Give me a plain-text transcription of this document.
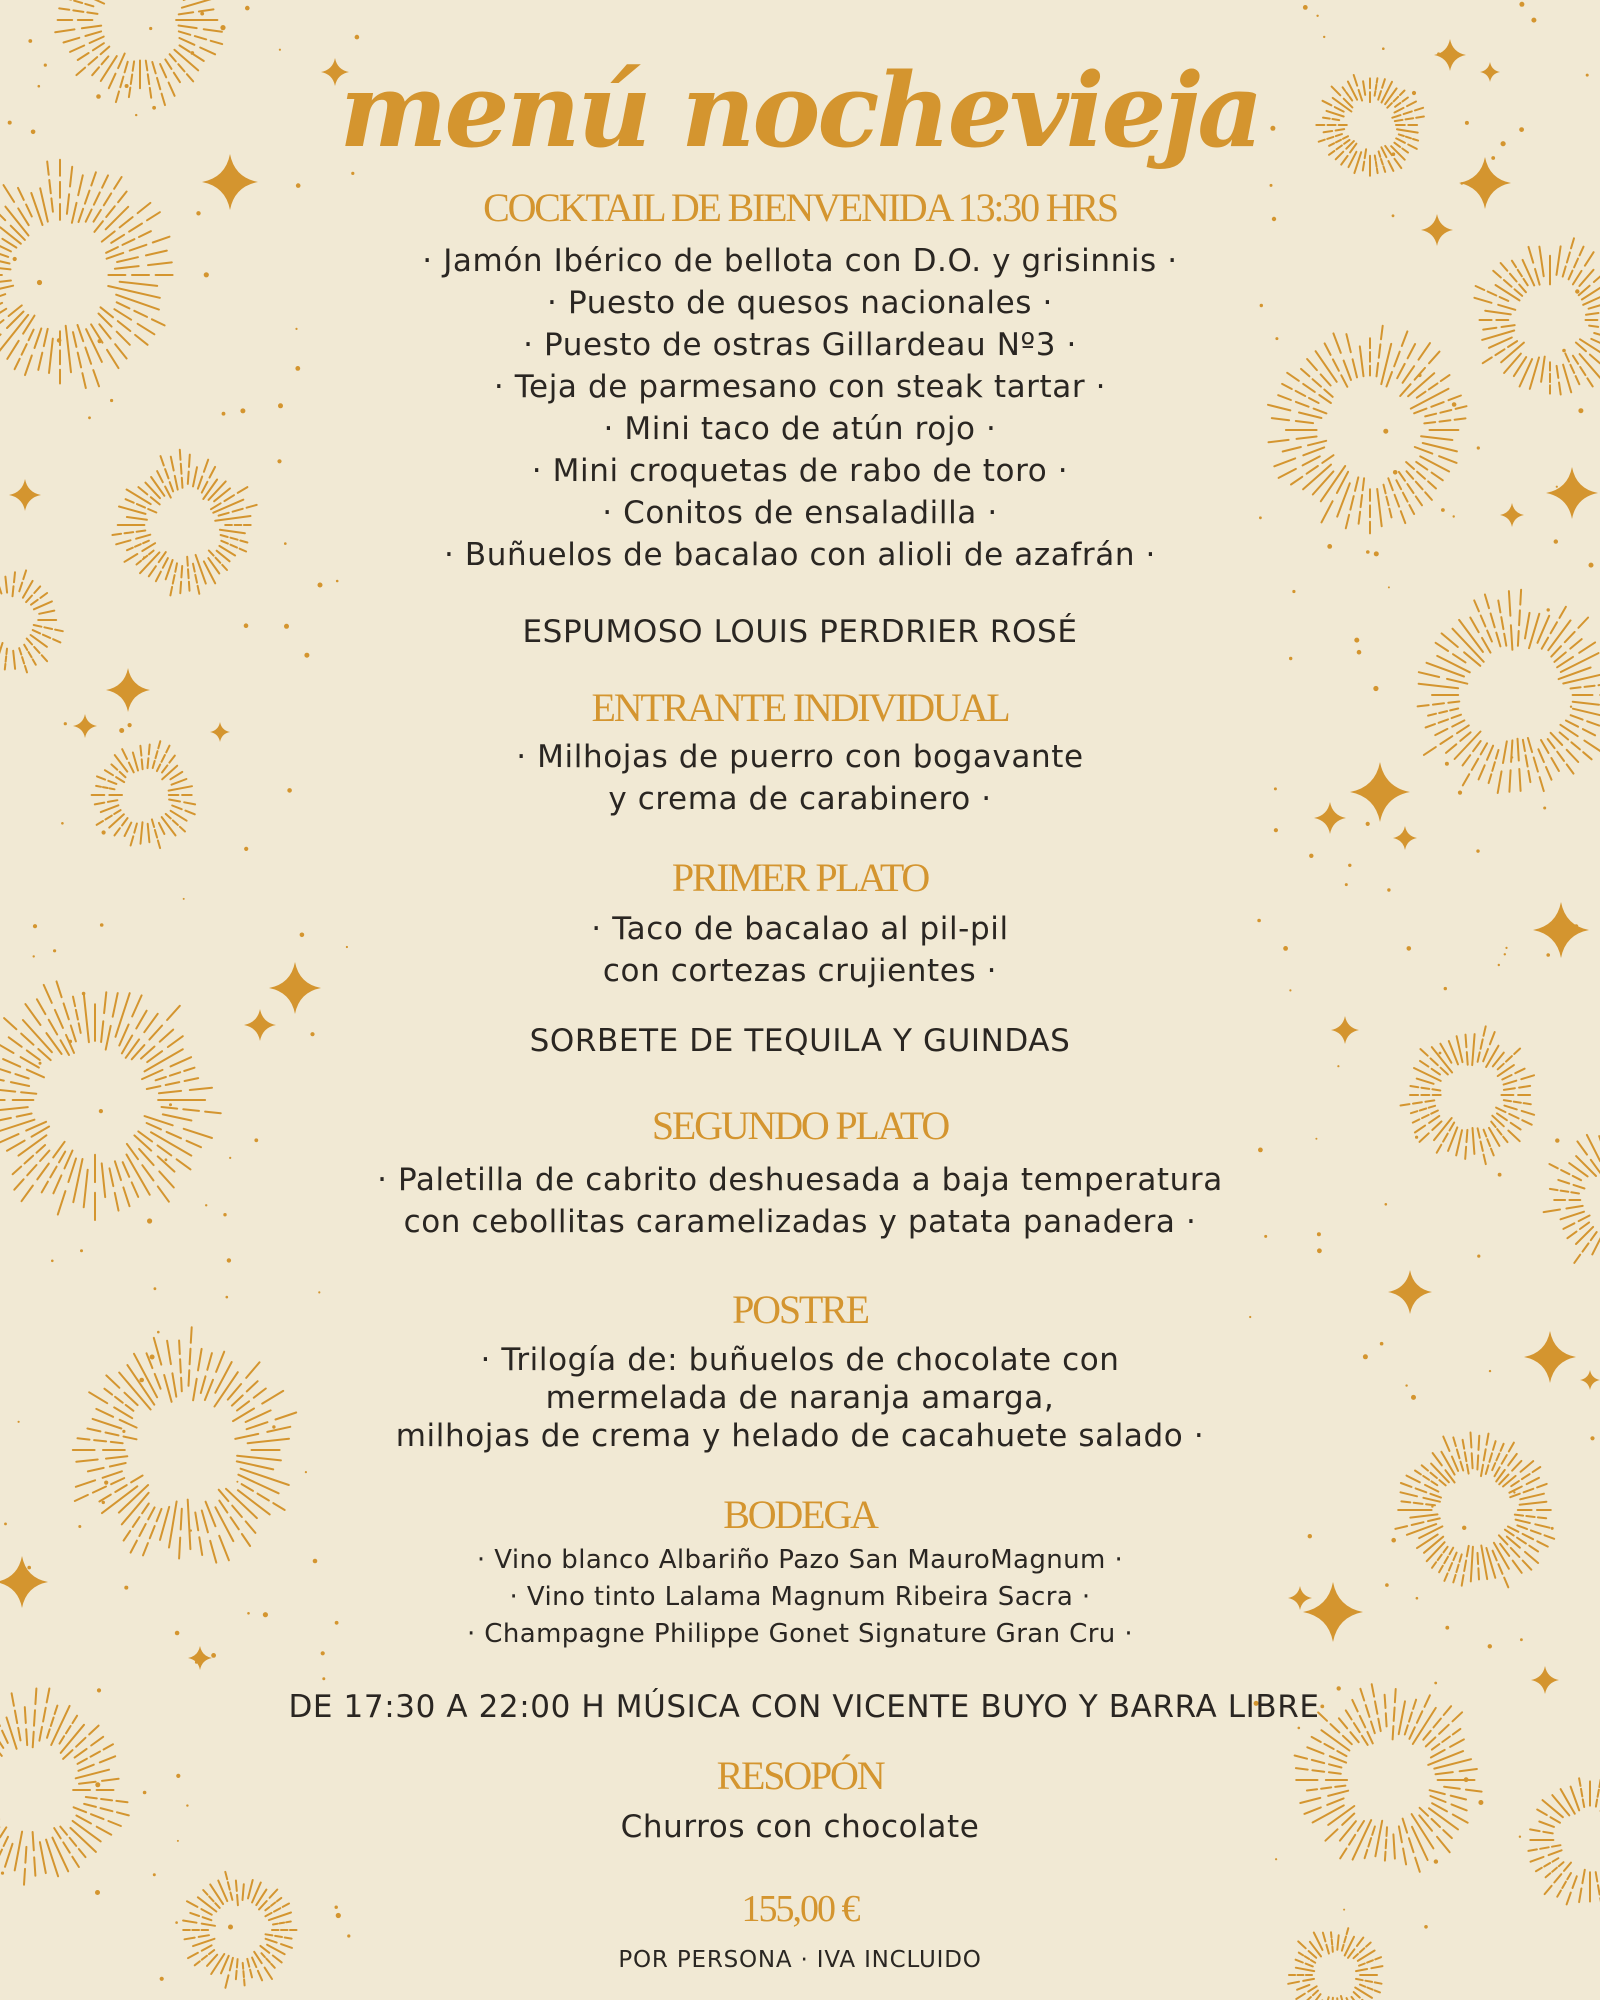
menú nochevieja
COCKTAIL DE BIENVENIDA 13:30 HRS
· Jamón Ibérico de bellota con D.O. y grisinnis ·
· Puesto de quesos nacionales ·
· Puesto de ostras Gillardeau Nº3 ·
· Teja de parmesano con steak tartar ·
· Mini taco de atún rojo ·
· Mini croquetas de rabo de toro ·
· Conitos de ensaladilla ·
· Buñuelos de bacalao con alioli de azafrán ·
ESPUMOSO LOUIS PERDRIER ROSÉ
ENTRANTE INDIVIDUAL
· Milhojas de puerro con bogavante
y crema de carabinero ·
PRIMER PLATO
· Taco de bacalao al pil-pil
con cortezas crujientes ·
SORBETE DE TEQUILA Y GUINDAS
SEGUNDO PLATO
· Paletilla de cabrito deshuesada a baja temperatura
con cebollitas caramelizadas y patata panadera ·
POSTRE
· Trilogía de: buñuelos de chocolate con
mermelada de naranja amarga,
milhojas de crema y helado de cacahuete salado ·
BODEGA
· Vino blanco Albariño Pazo San MauroMagnum ·
· Vino tinto Lalama Magnum Ribeira Sacra ·
· Champagne Philippe Gonet Signature Gran Cru ·
DE 17:30 A 22:00 H MÚSICA CON VICENTE BUYO Y BARRA LIBRE
RESOPÓN
Churros con chocolate
155,00 €
POR PERSONA · IVA INCLUIDO
